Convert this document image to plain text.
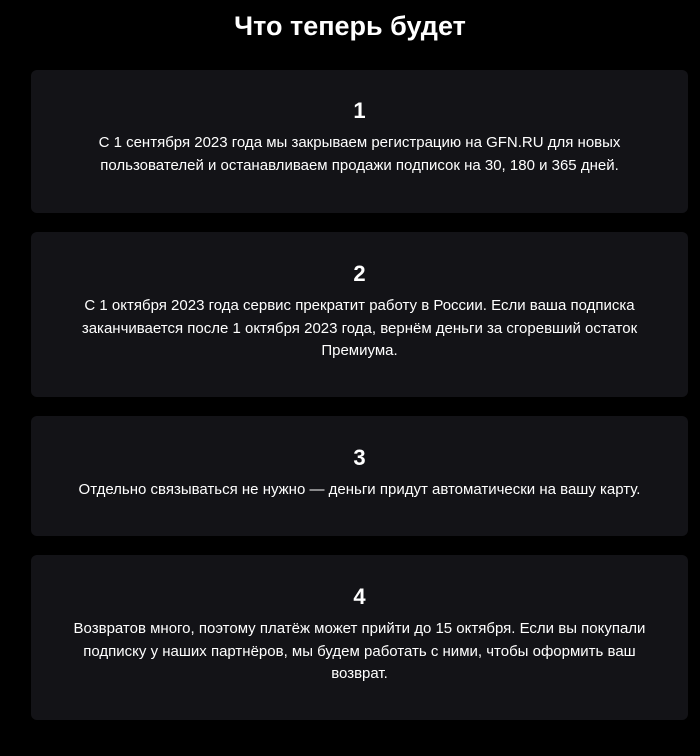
Что теперь будет
1

С 1 сентября 2023 года мы закрываем регистрацию на GFN.RU для новых пользователей и останавливаем продажи подписок на 30, 180 и 365 дней.

2

С 1 октября 2023 года сервис прекратит работу в России. Если ваша подписка заканчивается после 1 октября 2023 года, вернём деньги за сгоревший остаток Премиума.

3

Отдельно связываться не нужно — деньги придут автоматически на вашу карту.

4

Возвратов много, поэтому платёж может прийти до 15 октября. Если вы покупали подписку у наших партнёров, мы будем работать с ними, чтобы оформить ваш возврат.
